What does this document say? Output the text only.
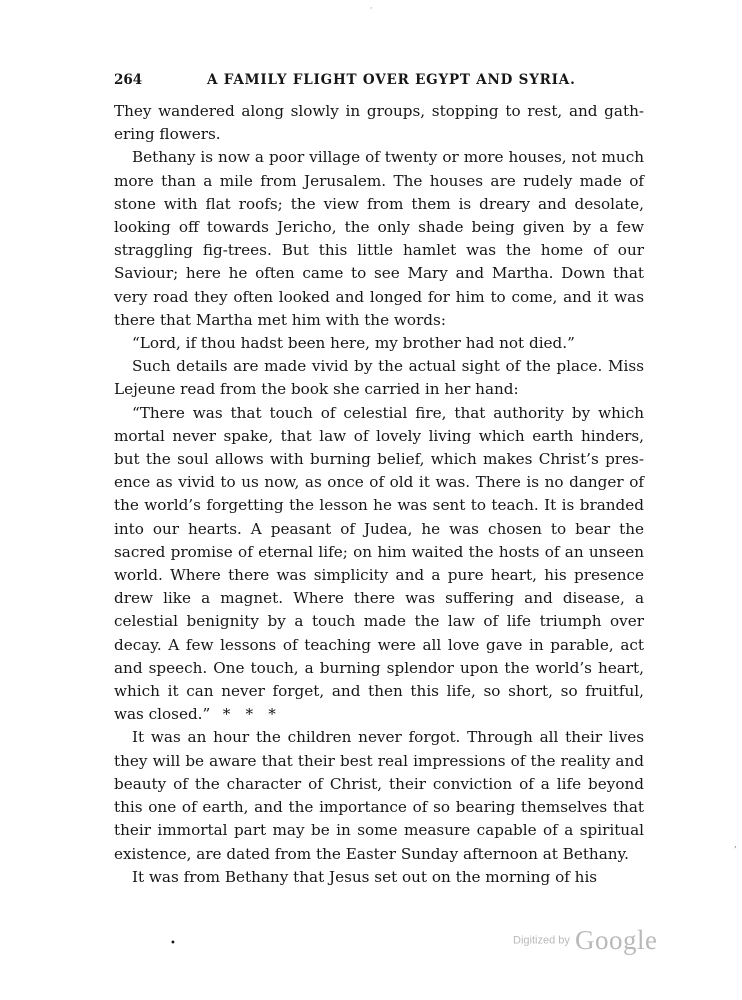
·
264	A FAMILY FLIGHT OVER EGYPT AND SYRIA.

They wandered along slowly in groups, stopping to rest, and gathering flowers.

Bethany is now a poor village of twenty or more houses, not much more than a mile from Jerusalem. The houses are rudely made of stone with flat roofs; the view from them is dreary and desolate, looking off towards Jericho, the only shade being given by a few straggling fig-trees. But this little hamlet was the home of our Saviour; here he often came to see Mary and Martha. Down that very road they often looked and longed for him to come, and it was there that Martha met him with the words:

“Lord, if thou hadst been here, my brother had not died.”

Such details are made vivid by the actual sight of the place. Miss Lejeune read from the book she carried in her hand:

“There was that touch of celestial fire, that authority by which mortal never spake, that law of lovely living which earth hinders, but the soul allows with burning belief, which makes Christ’s presence as vivid to us now, as once of old it was. There is no danger of the world’s forgetting the lesson he was sent to teach. It is branded into our hearts. A peasant of Judea, he was chosen to bear the sacred promise of eternal life; on him waited the hosts of an unseen world. Where there was simplicity and a pure heart, his presence drew like a magnet. Where there was suffering and disease, a celestial benignity by a touch made the law of life triumph over decay. A few lessons of teaching were all love gave in parable, act and speech. One touch, a burning splendor upon the world’s heart, which it can never forget, and then this life, so short, so fruitful, was closed.”  * * *

It was an hour the children never forgot. Through all their lives they will be aware that their best real impressions of the reality and beauty of the character of Christ, their conviction of a life beyond this one of earth, and the importance of so bearing themselves that their immortal part may be in some measure capable of a spiritual existence, are dated from the Easter Sunday afternoon at Bethany.

It was from Bethany that Jesus set out on the morning of his

,
•	Digitized by Google
